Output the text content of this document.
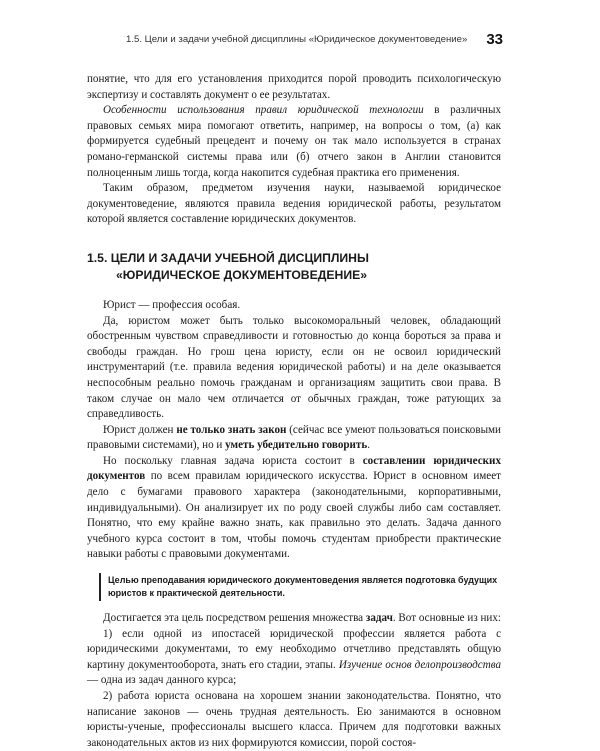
1.5. Цели и задачи учебной дисциплины «Юридическое документоведение» 33

понятие, что для его установления приходится порой проводить психологическую экспертизу и составлять документ о ее результатах.

Особенности использования правил юридической технологии в различных правовых семьях мира помогают ответить, например, на вопросы о том, (а) как формируется судебный прецедент и почему он так мало используется в странах романо-германской системы права или (б) отчего закон в Англии становится полноценным лишь тогда, когда накопится судебная практика его применения.

Таким образом, предметом изучения науки, называемой юридическое документоведение, являются правила ведения юридической работы, результатом которой является составление юридических документов.

1.5. ЦЕЛИ И ЗАДАЧИ УЧЕБНОЙ ДИСЦИПЛИНЫ
«ЮРИДИЧЕСКОЕ ДОКУМЕНТОВЕДЕНИЕ»

Юрист — профессия особая.

Да, юристом может быть только высокоморальный человек, обладающий обостренным чувством справедливости и готовностью до конца бороться за права и свободы граждан. Но грош цена юристу, если он не освоил юридический инструментарий (т.е. правила ведения юридической работы) и на деле оказывается неспособным реально помочь гражданам и организациям защитить свои права. В таком случае он мало чем отличается от обычных граждан, тоже ратующих за справедливость.

Юрист должен не только знать закон (сейчас все умеют пользоваться поисковыми правовыми системами), но и уметь убедительно говорить.

Но поскольку главная задача юриста состоит в составлении юридических документов по всем правилам юридического искусства. Юрист в основном имеет дело с бумагами правового характера (законодательными, корпоративными, индивидуальными). Он анализирует их по роду своей службы либо сам составляет. Понятно, что ему крайне важно знать, как правильно это делать. Задача данного учебного курса состоит в том, чтобы помочь студентам приобрести практические навыки работы с правовыми документами.

Целью преподавания юридического документоведения является подготовка будущих юристов к практической деятельности.

Достигается эта цель посредством решения множества задач. Вот основные из них:

1) если одной из ипостасей юридической профессии является работа с юридическими документами, то ему необходимо отчетливо представлять общую картину документооборота, знать его стадии, этапы. Изучение основ делопроизводства — одна из задач данного курса;

2) работа юриста основана на хорошем знании законодательства. Понятно, что написание законов — очень трудная деятельность. Ею занимаются в основном юристы-ученые, профессионалы высшего класса. Причем для подготовки важных законодательных актов из них формируются комиссии, порой состоя-
